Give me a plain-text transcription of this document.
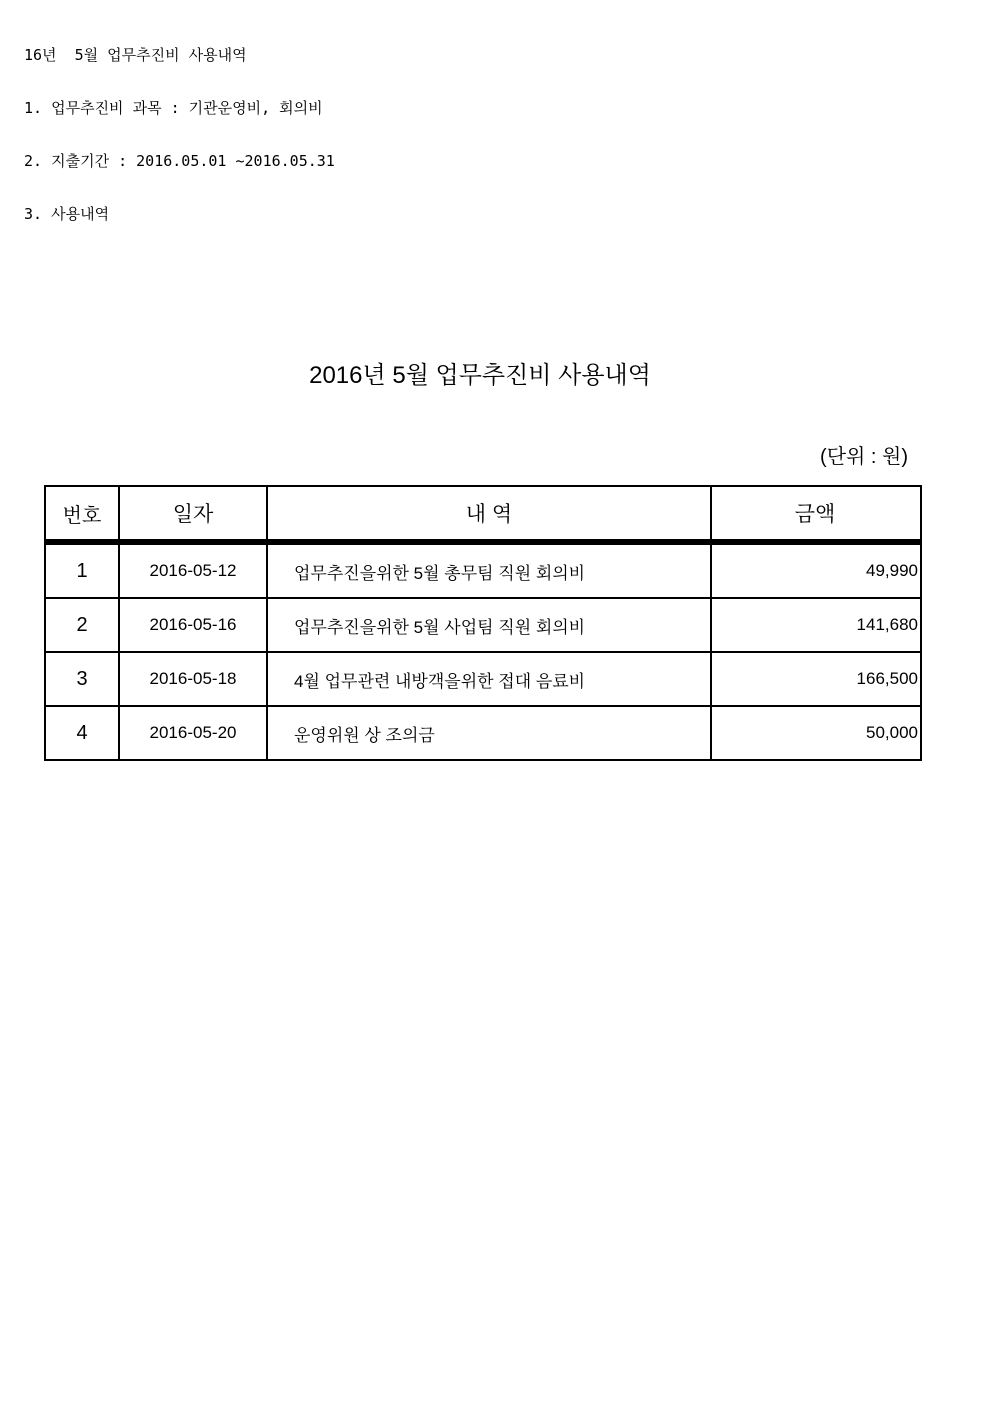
16년  5월 업무추진비 사용내역
1. 업무추진비 과목 : 기관운영비, 회의비
2. 지출기간 : 2016.05.01 ~2016.05.31
3. 사용내역
2016년 5월 업무추진비 사용내역
(단위 : 원)
번호	일자	내 역	금액
1	2016-05-12	업무추진을위한 5월 총무팀 직원 회의비	49,990
2	2016-05-16	업무추진을위한 5월 사업팀 직원 회의비	141,680
3	2016-05-18	4월 업무관련 내방객을위한 접대 음료비	166,500
4	2016-05-20	운영위원 상 조의금	50,000
